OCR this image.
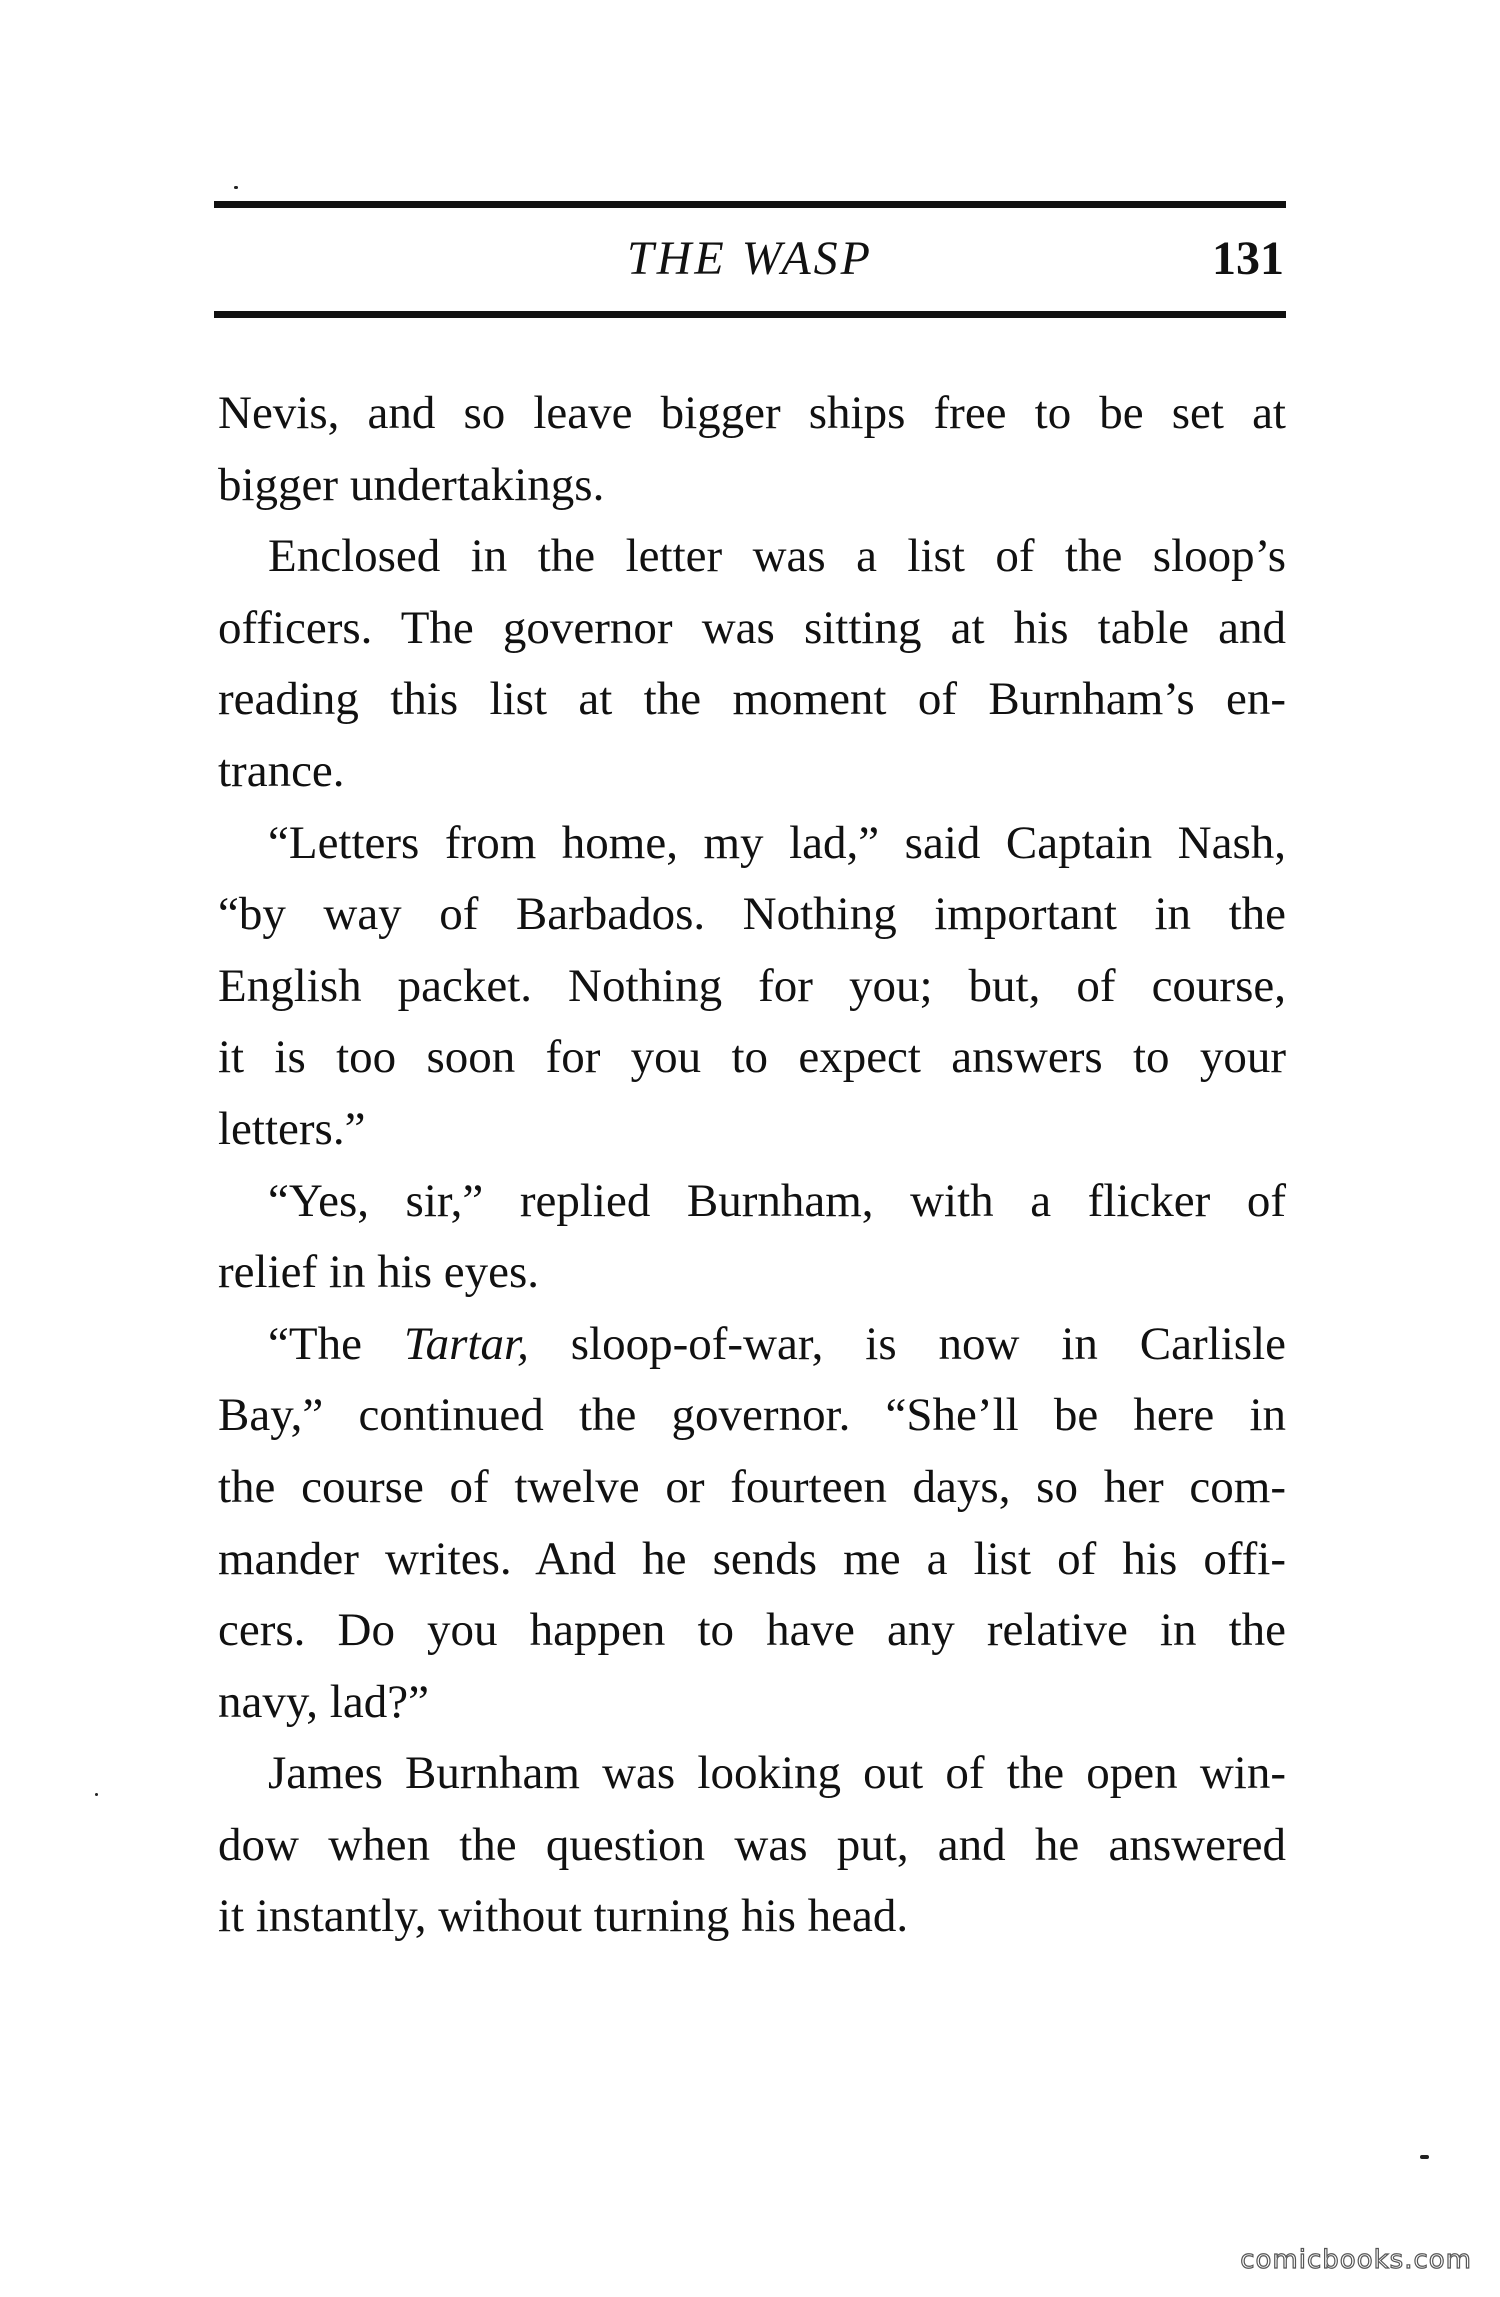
THE WASP	131
Nevis, and so leave bigger ships free to be set at
bigger undertakings.
Enclosed in the letter was a list of the sloop’s
officers. The governor was sitting at his table and
reading this list at the moment of Burnham’s en-
trance.
“Letters from home, my lad,” said Captain Nash,
“by way of Barbados. Nothing important in the
English packet. Nothing for you; but, of course,
it is too soon for you to expect answers to your
letters.”
“Yes, sir,” replied Burnham, with a flicker of
relief in his eyes.
“The Tartar, sloop-of-war, is now in Carlisle
Bay,” continued the governor. “She’ll be here in
the course of twelve or fourteen days, so her com-
mander writes. And he sends me a list of his offi-
cers. Do you happen to have any relative in the
navy, lad?”
James Burnham was looking out of the open win-
dow when the question was put, and he answered
it instantly, without turning his head.
comicbooks.com
